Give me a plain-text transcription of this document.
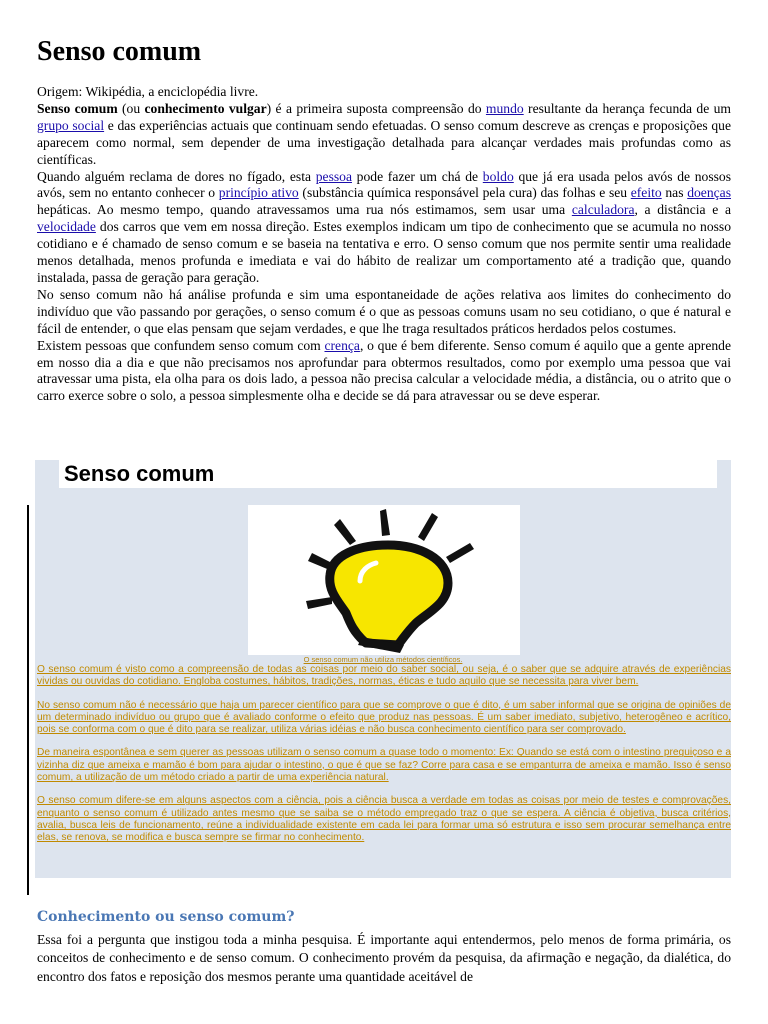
Senso comum

Origem: Wikipédia, a enciclopédia livre.

Senso comum (ou conhecimento vulgar) é a primeira suposta compreensão do mundo resultante da herança fecunda de um grupo social e das experiências actuais que continuam sendo efetuadas. O senso comum descreve as crenças e proposições que aparecem como normal, sem depender de uma investigação detalhada para alcançar verdades mais profundas como as científicas.

Quando alguém reclama de dores no fígado, esta pessoa pode fazer um chá de boldo que já era usada pelos avós de nossos avós, sem no entanto conhecer o princípio ativo (substância química responsável pela cura) das folhas e seu efeito nas doenças hepáticas. Ao mesmo tempo, quando atravessamos uma rua nós estimamos, sem usar uma calculadora, a distância e a velocidade dos carros que vem em nossa direção. Estes exemplos indicam um tipo de conhecimento que se acumula no nosso cotidiano e é chamado de senso comum e se baseia na tentativa e erro. O senso comum que nos permite sentir uma realidade menos detalhada, menos profunda e imediata e vai do hábito de realizar um comportamento até a tradição que, quando instalada, passa de geração para geração.

No senso comum não há análise profunda e sim uma espontaneidade de ações relativa aos limites do conhecimento do indivíduo que vão passando por gerações, o senso comum é o que as pessoas comuns usam no seu cotidiano, o que é natural e fácil de entender, o que elas pensam que sejam verdades, e que lhe traga resultados práticos herdados pelos costumes.

Existem pessoas que confundem senso comum com crença, o que é bem diferente. Senso comum é aquilo que a gente aprende em nosso dia a dia e que não precisamos nos aprofundar para obtermos resultados, como por exemplo uma pessoa que vai atravessar uma pista, ela olha para os dois lado, a pessoa não precisa calcular a velocidade média, a distância, ou o atrito que o carro exerce sobre o solo, a pessoa simplesmente olha e decide se dá para atravessar ou se deve esperar.

Senso comum
O senso comum não utiliza métodos científicos.

O senso comum é visto como a compreensão de todas as coisas por meio do saber social, ou seja, é o saber que se adquire através de experiências vividas ou ouvidas do cotidiano. Engloba costumes, hábitos, tradições, normas, éticas e tudo aquilo que se necessita para viver bem.

No senso comum não é necessário que haja um parecer científico para que se comprove o que é dito, é um saber informal que se origina de opiniões de um determinado indivíduo ou grupo que é avaliado conforme o efeito que produz nas pessoas. É um saber imediato, subjetivo, heterogêneo e acrítico, pois se conforma com o que é dito para se realizar, utiliza várias idéias e não busca conhecimento científico para ser comprovado.

De maneira espontânea e sem querer as pessoas utilizam o senso comum a quase todo o momento: Ex: Quando se está com o intestino preguiçoso e a vizinha diz que ameixa e mamão é bom para ajudar o intestino, o que é que se faz? Corre para casa e se empanturra de ameixa e mamão. Isso é senso comum, a utilização de um método criado a partir de uma experiência natural.

O senso comum difere-se em alguns aspectos com a ciência, pois a ciência busca a verdade em todas as coisas por meio de testes e comprovações, enquanto o senso comum é utilizado antes mesmo que se saiba se o método empregado traz o que se espera. A ciência é objetiva, busca critérios, avalia, busca leis de funcionamento, reúne a individualidade existente em cada lei para formar uma só estrutura e isso sem procurar semelhança entre elas, se renova, se modifica e busca sempre se firmar no conhecimento.

Conhecimento ou senso comum?

Essa foi a pergunta que instigou toda a minha pesquisa. É importante aqui entendermos, pelo menos de forma primária, os conceitos de conhecimento e de senso comum. O conhecimento provém da pesquisa, da afirmação e negação, da dialética, do encontro dos fatos e reposição dos mesmos perante uma quantidade aceitável de
